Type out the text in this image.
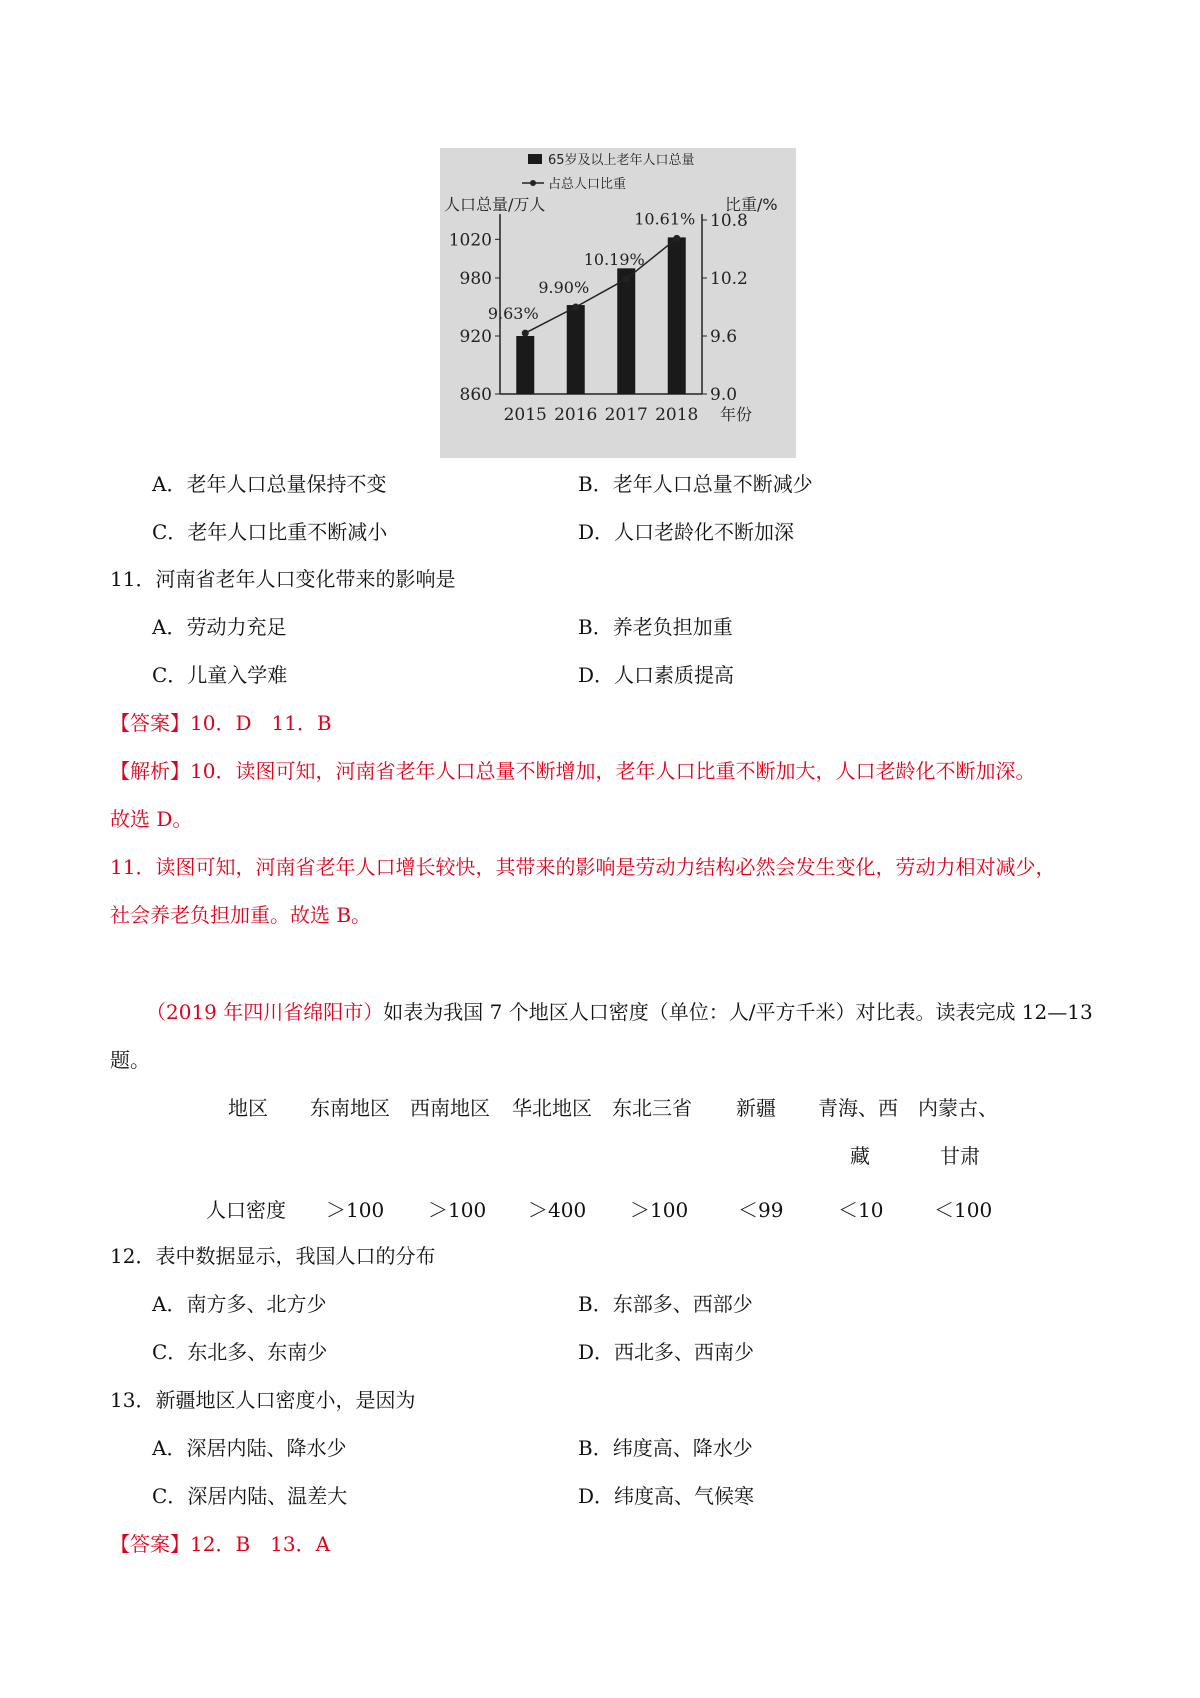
65岁及以上老年人口总量
占总人口比重
人口总量/万人	比重/%
860
920
980
1020
9.0
9.6
10.2
10.8
2015 2016 2017 2018 年份
9.63%
9.90%
10.19%
10.61%
A．老年人口总量保持不变	B．老年人口总量不断减少
C．老年人口比重不断减小	D．人口老龄化不断加深
11．河南省老年人口变化带来的影响是
A．劳动力充足	B．养老负担加重
C．儿童入学难	D．人口素质提高
【答案】10．D　11．B
【解析】10．读图可知，河南省老年人口总量不断增加，老年人口比重不断加大，人口老龄化不断加深。
故选 D。
11．读图可知，河南省老年人口增长较快，其带来的影响是劳动力结构必然会发生变化，劳动力相对减少，
社会养老负担加重。故选 B。
（2019 年四川省绵阳市）如表为我国 7 个地区人口密度（单位：人/平方千米）对比表。读表完成 12—13
题。
地区 东南地区 西南地区 华北地区 东北三省 新疆 青海、西 内蒙古、
藏	甘肃
人口密度 ＞100 ＞100 ＞400 ＞100 ＜99	＜10	＜100
12．表中数据显示，我国人口的分布
A．南方多、北方少	B．东部多、西部少
C．东北多、东南少	D．西北多、西南少
13．新疆地区人口密度小，是因为
A．深居内陆、降水少	B．纬度高、降水少
C．深居内陆、温差大	D．纬度高、气候寒
【答案】12．B　13．A
